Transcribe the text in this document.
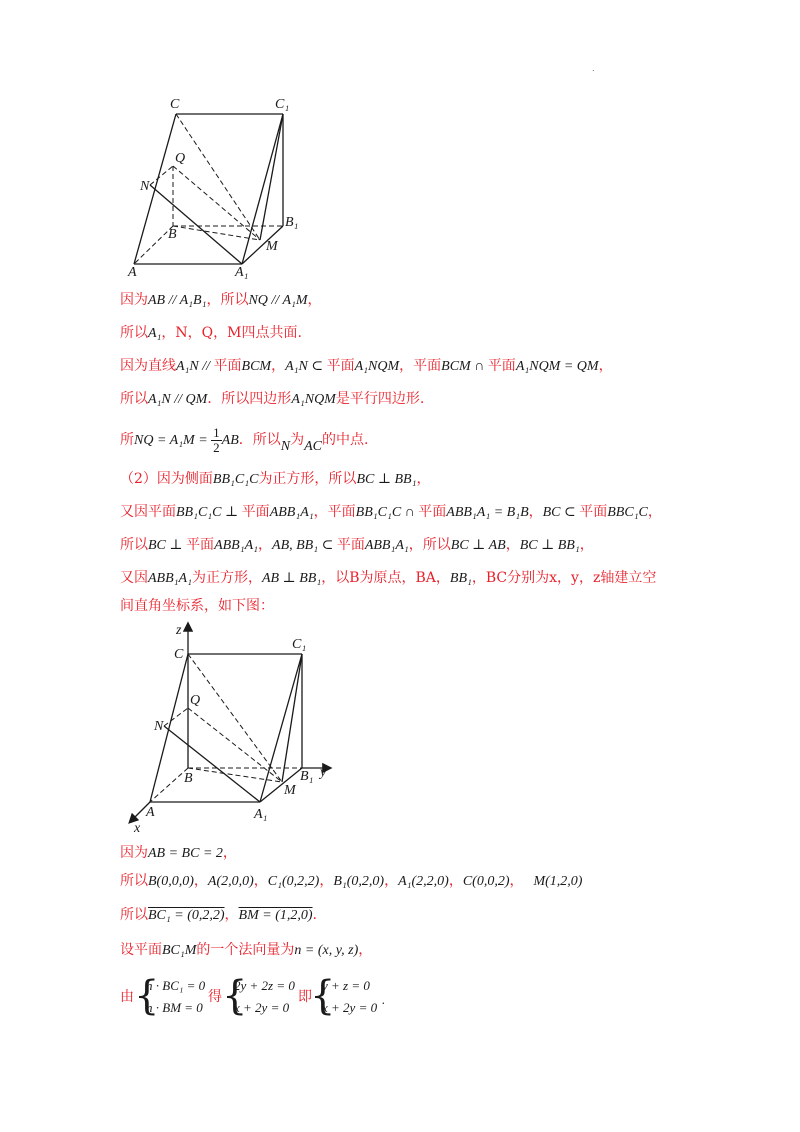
.
C	C₁
Q
N
B
B₁
M
A	A₁
因为AB // A₁B₁，所以NQ // A₁M，
所以A₁，N，Q，M四点共面.
因为直线A₁N // 平面BCM，A₁N ⊂ 平面A₁NQM，平面BCM ∩ 平面A₁NQM = QM，
所以A₁N // QM．所以四边形A₁NQM是平行四边形.
所NQ = $A_1M = \frac{1}{2}$ AB．所以N为AC的中点.
（2）因为侧面BB₁C₁C为正方形，所以BC ⊥ BB₁，
又因平面BB₁C₁C ⊥ 平面ABB₁A₁，平面BB₁C₁C ∩ 平面ABB₁A₁ = B₁B，BC ⊂ 平面BBC₁C，
所以BC ⊥ 平面ABB₁A₁，AB, BB₁ ⊂ 平面ABB₁A₁，所以BC ⊥ AB，BC ⊥ BB₁，
又因ABB₁A₁为正方形，AB ⊥ BB₁，以B为原点，BA，BB₁，BC分别为x，y，z轴建立空
间直角坐标系，如下图：
z
C
C₁
Q
N
B	B₁ y
M
A	A₁
x
因为AB = BC = 2，
所以B(0,0,0)，A(2,0,0)，C₁(0,2,2)，B₁(0,2,0)，A₁(2,2,0)，C(0,0,2)， M(1,2,0)
所以BC₁ = (0,2,2)，BM = (1,2,0).
设平面BC₁M的一个法向量为n = (x, y, z)，
由 {
n · BC₁ = 0
n · BM = 0
得 {
2y + 2z = 0
x + 2y = 0
即
{
y + z = 0
x + 2y = 0
.
